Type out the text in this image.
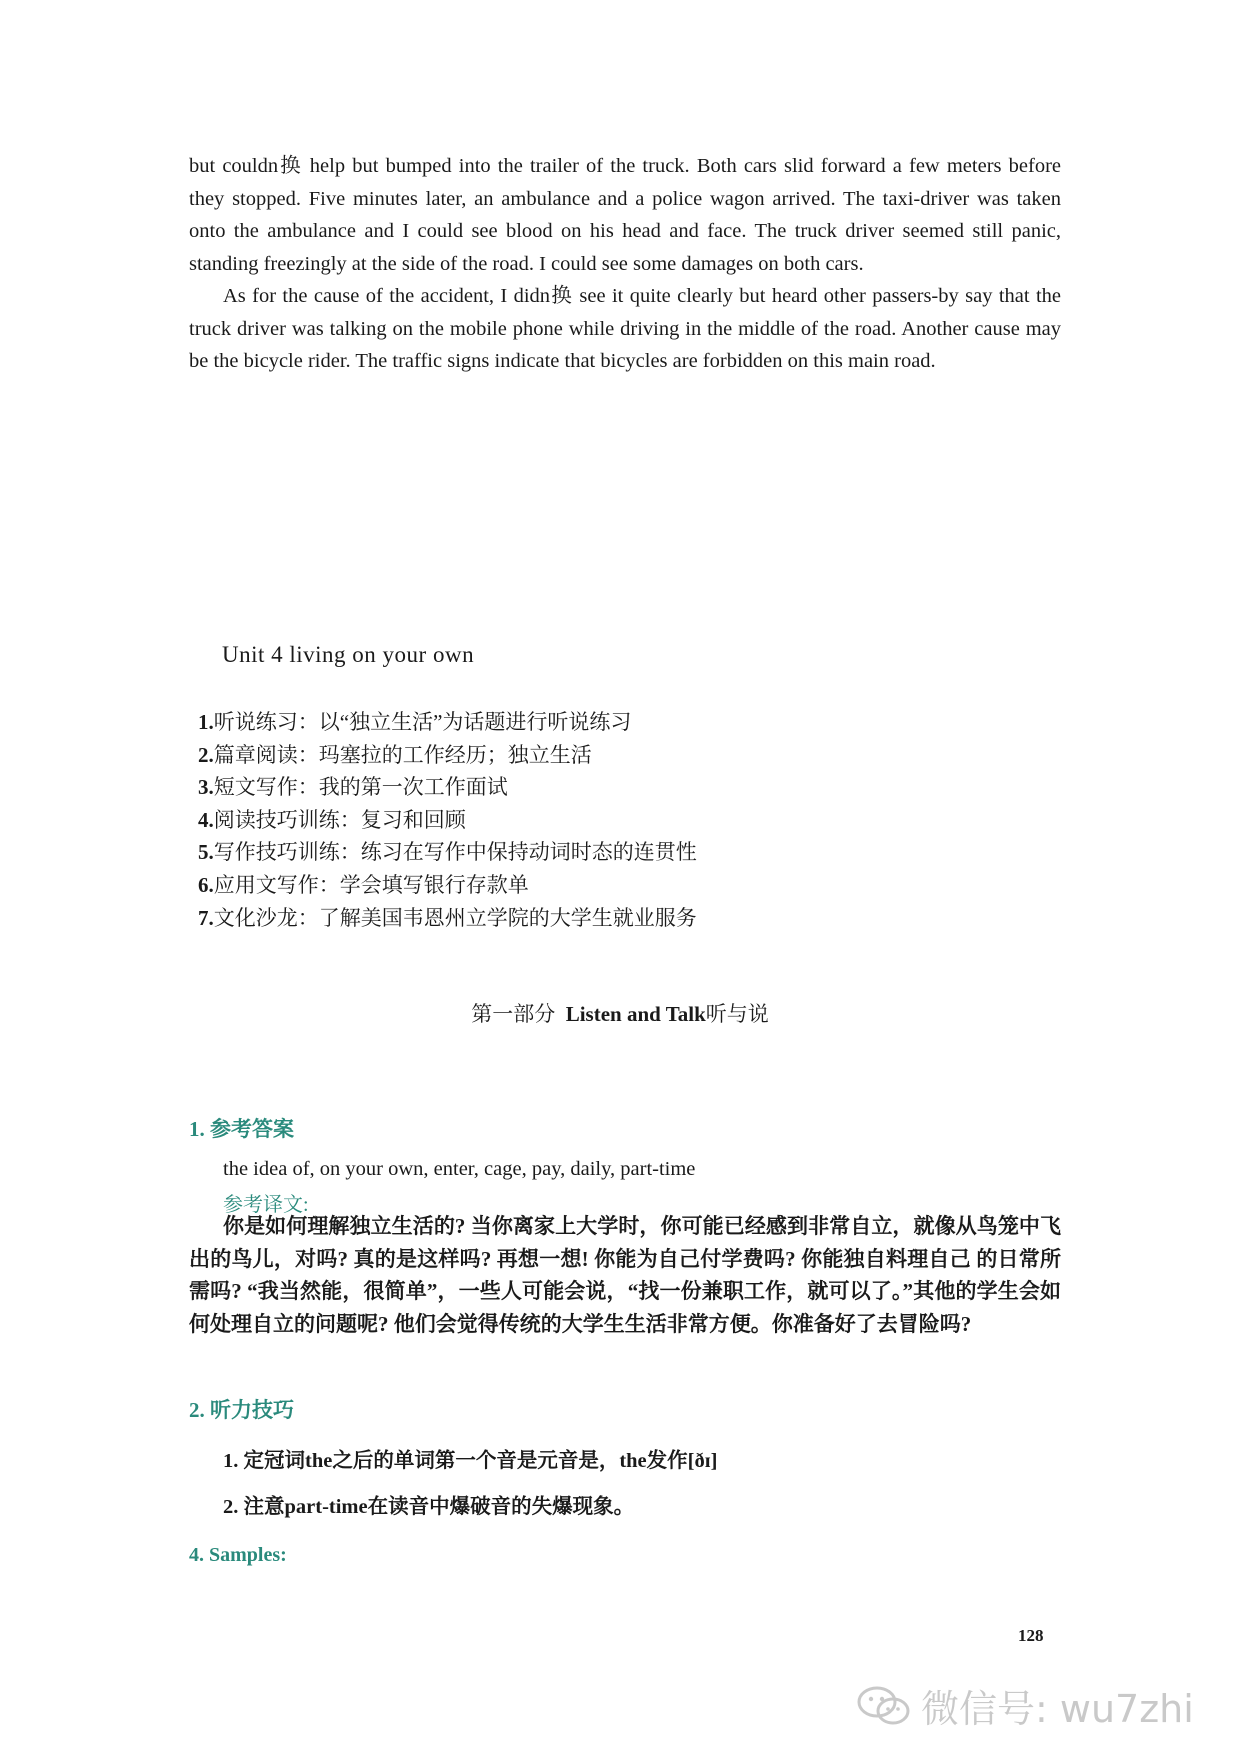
but couldn换 help but bumped into the trailer of the truck. Both cars slid forward a few meters before they stopped. Five minutes later, an ambulance and a police wagon arrived. The taxi-driver was taken onto the ambulance and I could see blood on his head and face. The truck driver seemed still panic, standing freezingly at the side of the road. I could see some damages on both cars.

As for the cause of the accident, I didn换 see it quite clearly but heard other passers-by say that the truck driver was talking on the mobile phone while driving in the middle of the road. Another cause may be the bicycle rider. The traffic signs indicate that bicycles are forbidden on this main road.

Unit 4 living on your own
1.听说练习：以“独立生活”为话题进行听说练习
2.篇章阅读：玛塞拉的工作经历；独立生活
3.短文写作：我的第一次工作面试
4.阅读技巧训练：复习和回顾
5.写作技巧训练：练习在写作中保持动词时态的连贯性
6.应用文写作：学会填写银行存款单
7.文化沙龙：了解美国韦恩州立学院的大学生就业服务
第一部分 Listen and Talk听与说
1. 参考答案
the idea of, on your own, enter, cage, pay, daily, part-time
参考译文:

你是如何理解独立生活的? 当你离家上大学时，你可能已经感到非常自立，就像从鸟笼中飞出的鸟儿，对吗? 真的是这样吗? 再想一想! 你能为自己付学费吗? 你能独自料理自己 的日常所需吗? “我当然能，很简单”，一些人可能会说，“找一份兼职工作，就可以了。”其他的学生会如何处理自立的问题呢? 他们会觉得传统的大学生生活非常方便。你准备好了去冒险吗?

2. 听力技巧
1. 定冠词the之后的单词第一个音是元音是，the发作[ðɪ]
2. 注意part-time在读音中爆破音的失爆现象。
4. Samples:
128
微信号: wu7zhi
